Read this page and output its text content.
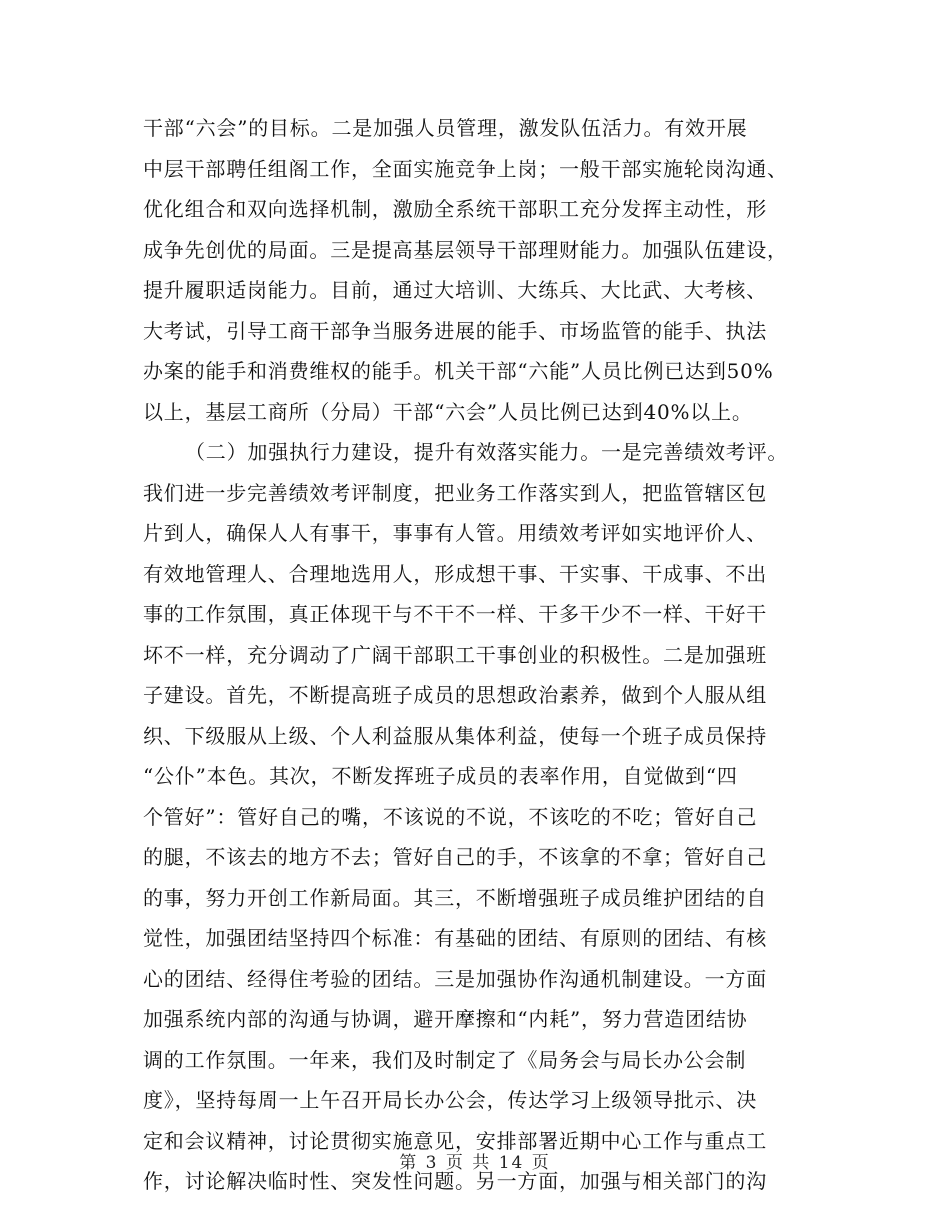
干部“六会”的目标。二是加强人员管理，激发队伍活力。有效开展
中层干部聘任组阁工作，全面实施竞争上岗；一般干部实施轮岗沟通、
优化组合和双向选择机制，激励全系统干部职工充分发挥主动性，形
成争先创优的局面。三是提高基层领导干部理财能力。加强队伍建设，
提升履职适岗能力。目前，通过大培训、大练兵、大比武、大考核、
大考试，引导工商干部争当服务进展的能手、市场监管的能手、执法
办案的能手和消费维权的能手。机关干部“六能”人员比例已达到50%
以上，基层工商所（分局）干部“六会”人员比例已达到40%以上。
（二）加强执行力建设，提升有效落实能力。一是完善绩效考评。
我们进一步完善绩效考评制度，把业务工作落实到人，把监管辖区包
片到人，确保人人有事干，事事有人管。用绩效考评如实地评价人、
有效地管理人、合理地选用人，形成想干事、干实事、干成事、不出
事的工作氛围，真正体现干与不干不一样、干多干少不一样、干好干
坏不一样，充分调动了广阔干部职工干事创业的积极性。二是加强班
子建设。首先，不断提高班子成员的思想政治素养，做到个人服从组
织、下级服从上级、个人利益服从集体利益，使每一个班子成员保持
“公仆”本色。其次，不断发挥班子成员的表率作用，自觉做到“四
个管好”：管好自己的嘴，不该说的不说，不该吃的不吃；管好自己
的腿，不该去的地方不去；管好自己的手，不该拿的不拿；管好自己
的事，努力开创工作新局面。其三，不断增强班子成员维护团结的自
觉性，加强团结坚持四个标准：有基础的团结、有原则的团结、有核
心的团结、经得住考验的团结。三是加强协作沟通机制建设。一方面
加强系统内部的沟通与协调，避开摩擦和“内耗”，努力营造团结协
调的工作氛围。一年来，我们及时制定了《局务会与局长办公会制
度》，坚持每周一上午召开局长办公会，传达学习上级领导批示、决
定和会议精神，讨论贯彻实施意见，安排部署近期中心工作与重点工
作，讨论解决临时性、突发性问题。另一方面，加强与相关部门的沟
第 3 页 共 14 页
